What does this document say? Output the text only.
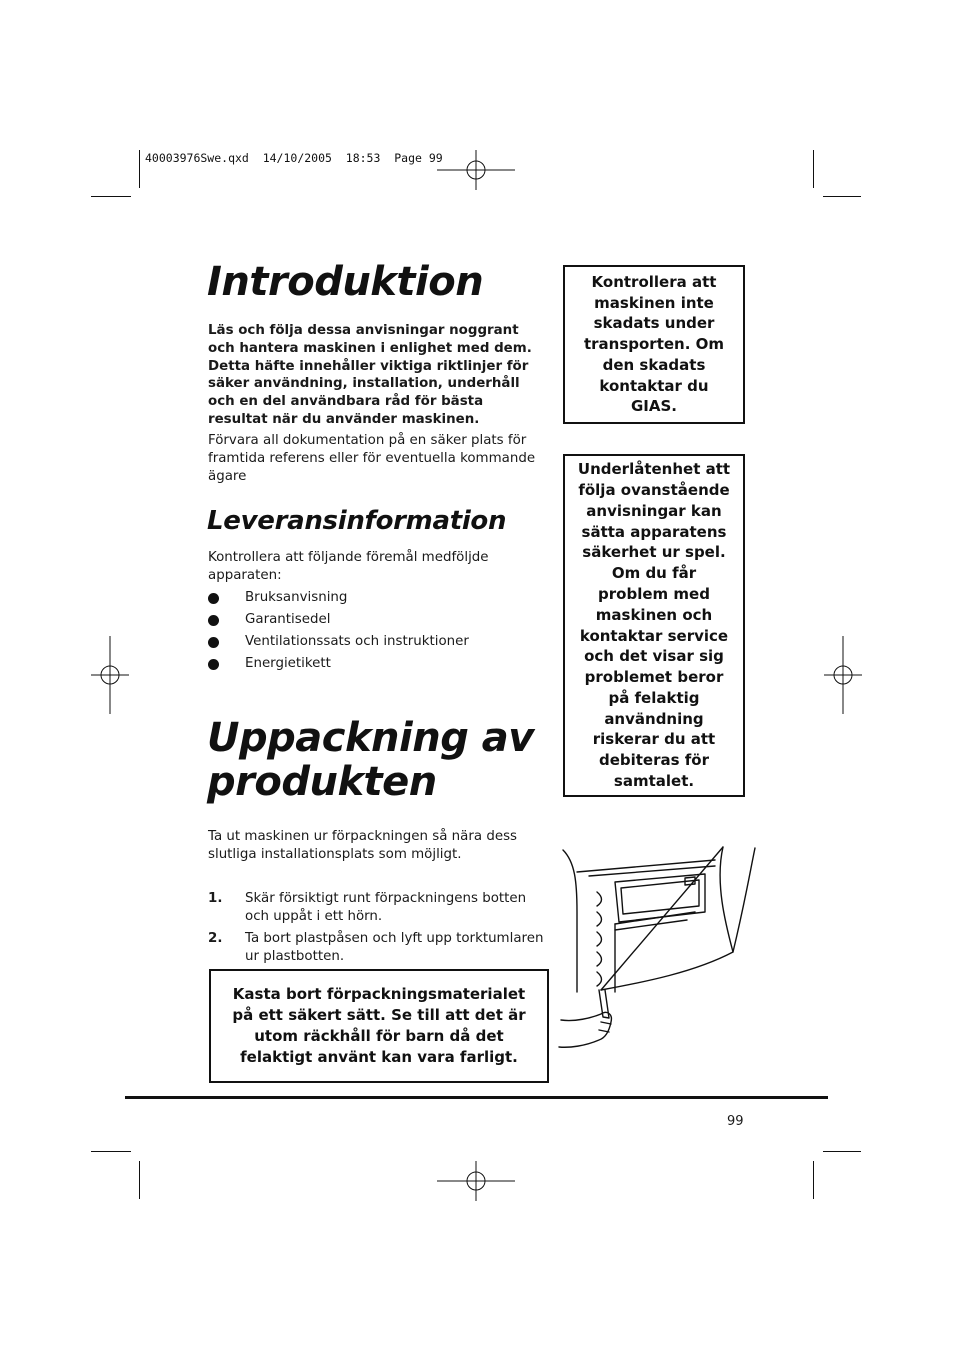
40003976Swe.qxd  14/10/2005  18:53  Page 99
Introduktion

Läs och följa dessa anvisningar noggrant och hantera maskinen i enlighet med dem. Detta häfte innehåller viktiga riktlinjer för säker användning, installation, underhåll och en del användbara råd för bästa resultat när du använder maskinen.

Förvara all dokumentation på en säker plats för framtida referens eller för eventuella kommande ägare

Leveransinformation

Kontrollera att följande föremål medföljde apparaten:

Bruksanvisning
Garantisedel
Ventilationssats och instruktioner
Energietikett
Uppackning av produkten

Ta ut maskinen ur förpackningen så nära dess slutliga installationsplats som möjligt.

1. Skär försiktigt runt förpackningens botten och uppåt i ett hörn.
2. Ta bort plastpåsen och lyft upp torktumlaren ur plastbotten.
Kasta bort förpackningsmaterialet på ett säkert sätt. Se till att det är utom räckhåll för barn då det felaktigt använt kan vara farligt.
Kontrollera att maskinen inte skadats under transporten. Om den skadats kontaktar du GIAS.
Underlåtenhet att följa ovanstående anvisningar kan sätta apparatens säkerhet ur spel. Om du får problem med maskinen och kontaktar service och det visar sig problemet beror på felaktig användning riskerar du att debiteras för samtalet.
99
